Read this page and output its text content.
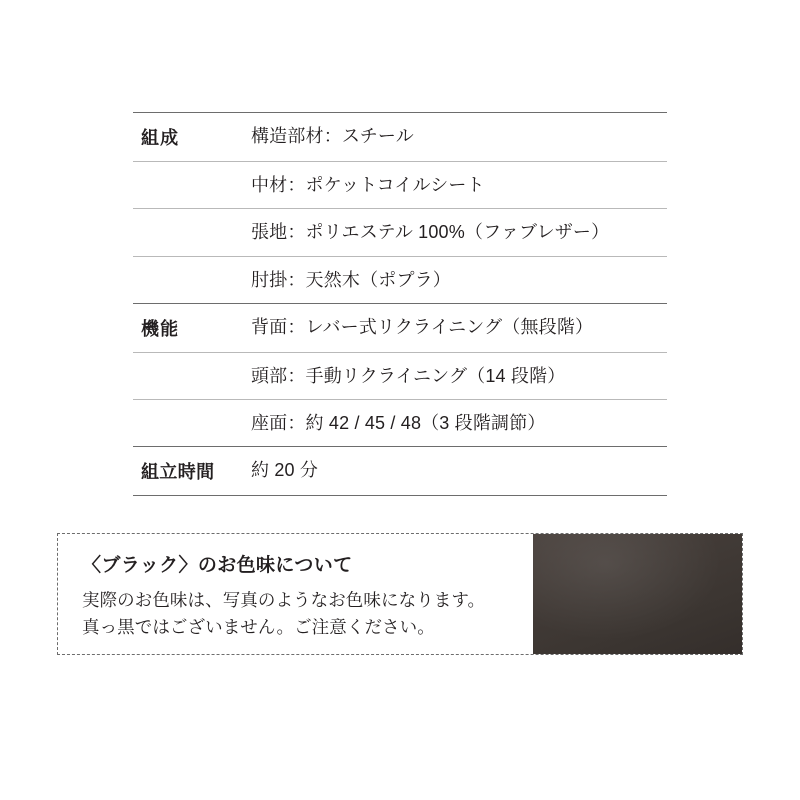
組成	構造部材：スチール
中材：ポケットコイルシート
張地：ポリエステル 100%（ファブレザー）
肘掛：天然木（ポプラ）
機能	背面：レバー式リクライニング（無段階）
頭部：手動リクライニング（14 段階）
座面：約 42 / 45 / 48（3 段階調節）
組立時間	約 20 分

〈ブラック〉のお色味について

実際のお色味は、写真のようなお色味になります。

真っ黒ではございません。ご注意ください。
